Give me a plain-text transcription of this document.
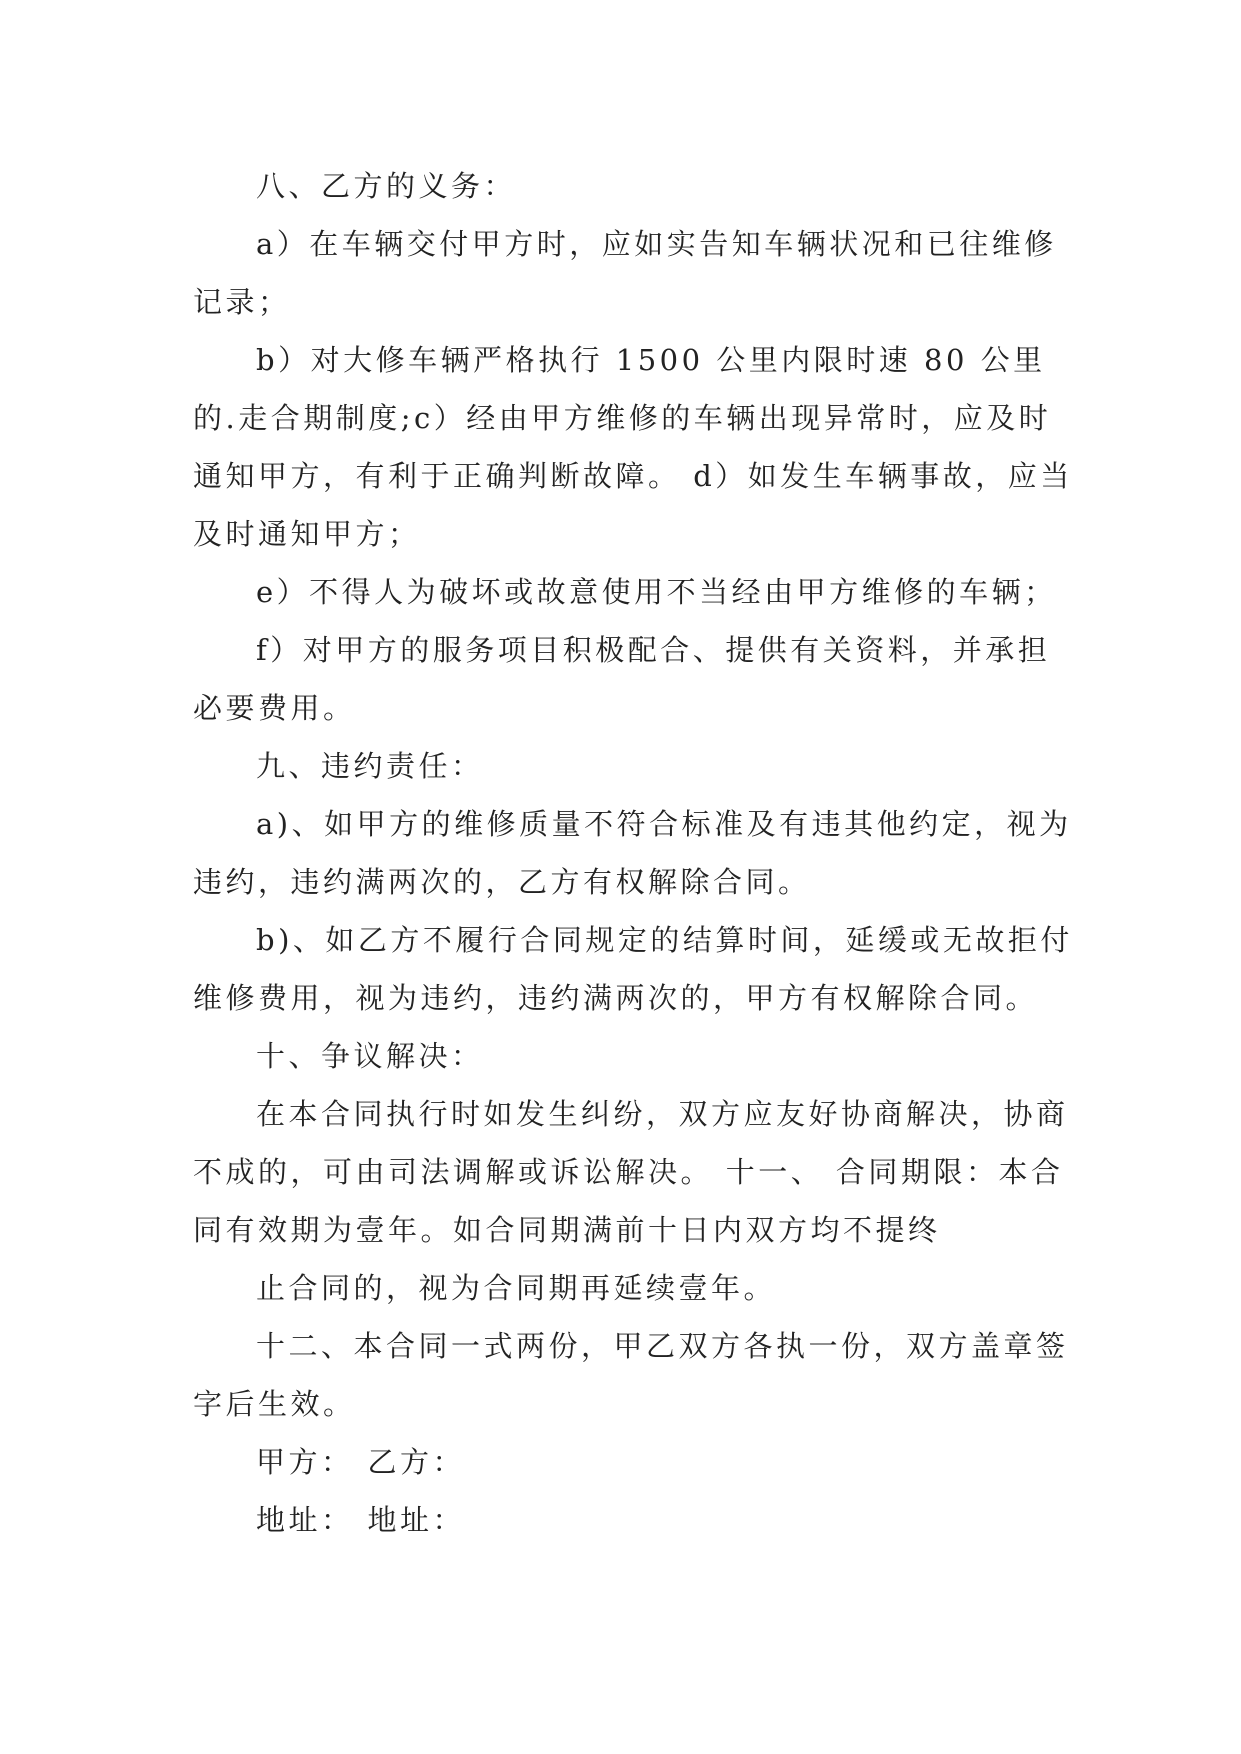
八、乙方的义务：

a）在车辆交付甲方时，应如实告知车辆状况和已往维修记录；

b）对大修车辆严格执行 1500 公里内限时速 80 公里的.走合期制度;c）经由甲方维修的车辆出现异常时，应及时通知甲方，有利于正确判断故障。 d）如发生车辆事故，应当及时通知甲方；

e）不得人为破坏或故意使用不当经由甲方维修的车辆；

f）对甲方的服务项目积极配合、提供有关资料，并承担必要费用。

九、违约责任：

a)、如甲方的维修质量不符合标准及有违其他约定，视为违约，违约满两次的，乙方有权解除合同。

b)、如乙方不履行合同规定的结算时间，延缓或无故拒付维修费用，视为违约，违约满两次的，甲方有权解除合同。

十、争议解决：

在本合同执行时如发生纠纷，双方应友好协商解决，协商不成的，可由司法调解或诉讼解决。 十一、 合同期限：本合同有效期为壹年。如合同期满前十日内双方均不提终

止合同的，视为合同期再延续壹年。

十二、本合同一式两份，甲乙双方各执一份，双方盖章签字后生效。

甲方： 乙方：

地址： 地址：
